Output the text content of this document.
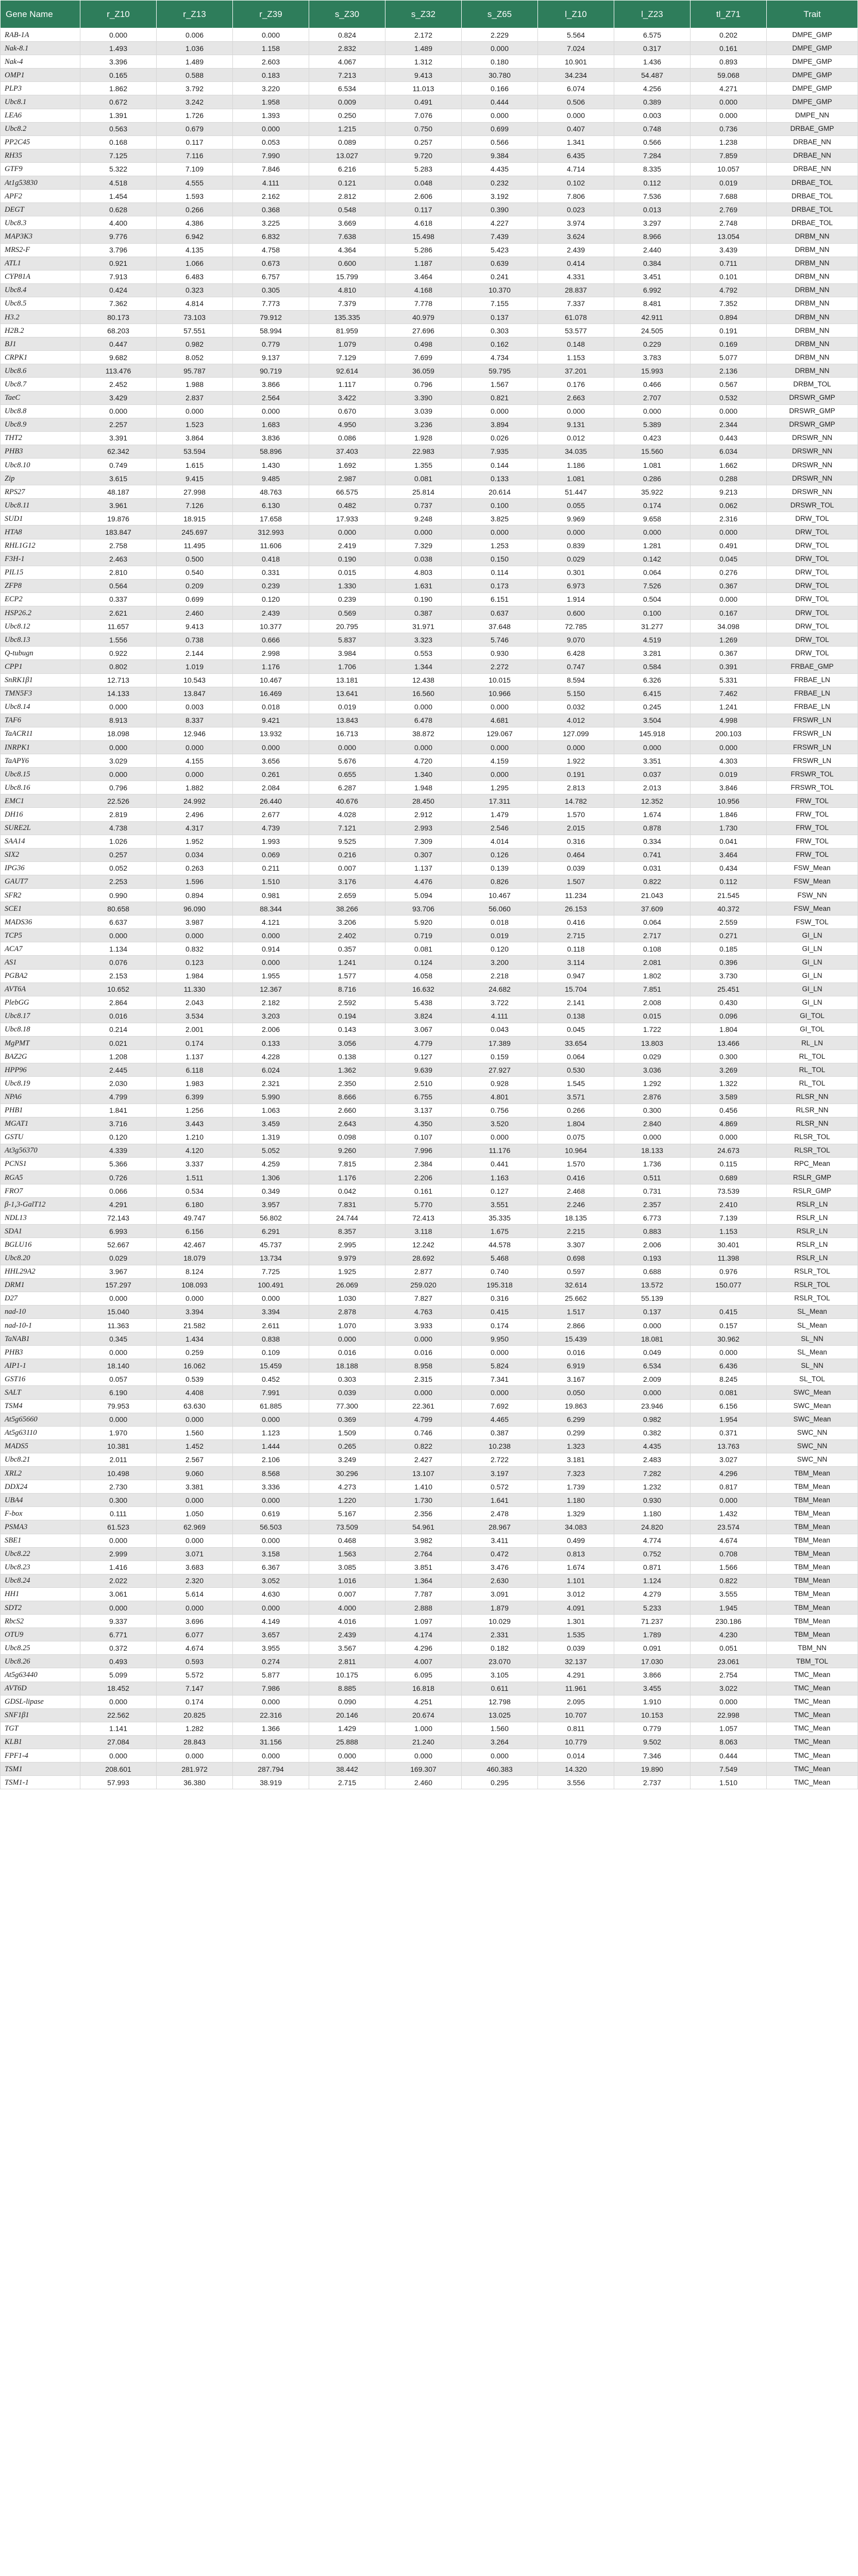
Gene Name	r_Z10	r_Z13	r_Z39	s_Z30	s_Z32	s_Z65	l_Z10	l_Z23	tl_Z71	Trait
RAB-1A	0.000	0.006	0.000	0.824	2.172	2.229	5.564	6.575	0.202	DMPE_GMP
Nak-8.1	1.493	1.036	1.158	2.832	1.489	0.000	7.024	0.317	0.161	DMPE_GMP
Nak-4	3.396	1.489	2.603	4.067	1.312	0.180	10.901	1.436	0.893	DMPE_GMP
OMP1	0.165	0.588	0.183	7.213	9.413	30.780	34.234	54.487	59.068	DMPE_GMP
PLP3	1.862	3.792	3.220	6.534	11.013	0.166	6.074	4.256	4.271	DMPE_GMP
Ubc8.1	0.672	3.242	1.958	0.009	0.491	0.444	0.506	0.389	0.000	DMPE_GMP
LEA6	1.391	1.726	1.393	0.250	7.076	0.000	0.000	0.003	0.000	DMPE_NN
Ubc8.2	0.563	0.679	0.000	1.215	0.750	0.699	0.407	0.748	0.736	DRBAE_GMP
PP2C45	0.168	0.117	0.053	0.089	0.257	0.566	1.341	0.566	1.238	DRBAE_NN
RH35	7.125	7.116	7.990	13.027	9.720	9.384	6.435	7.284	7.859	DRBAE_NN
GTF9	5.322	7.109	7.846	6.216	5.283	4.435	4.714	8.335	10.057	DRBAE_NN
At1g53830	4.518	4.555	4.111	0.121	0.048	0.232	0.102	0.112	0.019	DRBAE_TOL
APF2	1.454	1.593	2.162	2.812	2.606	3.192	7.806	7.536	7.688	DRBAE_TOL
DEGT	0.628	0.266	0.368	0.548	0.117	0.390	0.023	0.013	2.769	DRBAE_TOL
Ubc8.3	4.400	4.386	3.225	3.669	4.618	4.227	3.974	3.297	2.748	DRBAE_TOL
MAP3K3	9.776	6.942	6.832	7.638	15.498	7.439	3.624	8.966	13.054	DRBM_NN
MRS2-F	3.796	4.135	4.758	4.364	5.286	5.423	2.439	2.440	3.439	DRBM_NN
ATL1	0.921	1.066	0.673	0.600	1.187	0.639	0.414	0.384	0.711	DRBM_NN
CYP81A	7.913	6.483	6.757	15.799	3.464	0.241	4.331	3.451	0.101	DRBM_NN
Ubc8.4	0.424	0.323	0.305	4.810	4.168	10.370	28.837	6.992	4.792	DRBM_NN
Ubc8.5	7.362	4.814	7.773	7.379	7.778	7.155	7.337	8.481	7.352	DRBM_NN
H3.2	80.173	73.103	79.912	135.335	40.979	0.137	61.078	42.911	0.894	DRBM_NN
H2B.2	68.203	57.551	58.994	81.959	27.696	0.303	53.577	24.505	0.191	DRBM_NN
BJ1	0.447	0.982	0.779	1.079	0.498	0.162	0.148	0.229	0.169	DRBM_NN
CRPK1	9.682	8.052	9.137	7.129	7.699	4.734	1.153	3.783	5.077	DRBM_NN
Ubc8.6	113.476	95.787	90.719	92.614	36.059	59.795	37.201	15.993	2.136	DRBM_NN
Ubc8.7	2.452	1.988	3.866	1.117	0.796	1.567	0.176	0.466	0.567	DRBM_TOL
TaeC	3.429	2.837	2.564	3.422	3.390	0.821	2.663	2.707	0.532	DRSWR_GMP
Ubc8.8	0.000	0.000	0.000	0.670	3.039	0.000	0.000	0.000	0.000	DRSWR_GMP
Ubc8.9	2.257	1.523	1.683	4.950	3.236	3.894	9.131	5.389	2.344	DRSWR_GMP
THT2	3.391	3.864	3.836	0.086	1.928	0.026	0.012	0.423	0.443	DRSWR_NN
PHB3	62.342	53.594	58.896	37.403	22.983	7.935	34.035	15.560	6.034	DRSWR_NN
Ubc8.10	0.749	1.615	1.430	1.692	1.355	0.144	1.186	1.081	1.662	DRSWR_NN
Zip	3.615	9.415	9.485	2.987	0.081	0.133	1.081	0.286	0.288	DRSWR_NN
RPS27	48.187	27.998	48.763	66.575	25.814	20.614	51.447	35.922	9.213	DRSWR_NN
Ubc8.11	3.961	7.126	6.130	0.482	0.737	0.100	0.055	0.174	0.062	DRSWR_TOL
SUD1	19.876	18.915	17.658	17.933	9.248	3.825	9.969	9.658	2.316	DRW_TOL
HTA8	183.847	245.697	312.993	0.000	0.000	0.000	0.000	0.000	0.000	DRW_TOL
RHL1G12	2.758	11.495	11.606	2.419	7.329	1.253	0.839	1.281	0.491	DRW_TOL
F3H-1	2.463	0.500	0.418	0.190	0.038	0.150	0.029	0.142	0.045	DRW_TOL
PIL15	2.810	0.540	0.331	0.015	4.803	0.114	0.301	0.064	0.276	DRW_TOL
ZFP8	0.564	0.209	0.239	1.330	1.631	0.173	6.973	7.526	0.367	DRW_TOL
ECP2	0.337	0.699	0.120	0.239	0.190	6.151	1.914	0.504	0.000	DRW_TOL
HSP26.2	2.621	2.460	2.439	0.569	0.387	0.637	0.600	0.100	0.167	DRW_TOL
Ubc8.12	11.657	9.413	10.377	20.795	31.971	37.648	72.785	31.277	34.098	DRW_TOL
Ubc8.13	1.556	0.738	0.666	5.837	3.323	5.746	9.070	4.519	1.269	DRW_TOL
Q-tubugn	0.922	2.144	2.998	3.984	0.553	0.930	6.428	3.281	0.367	DRW_TOL
CPP1	0.802	1.019	1.176	1.706	1.344	2.272	0.747	0.584	0.391	FRBAE_GMP
SnRK1β1	12.713	10.543	10.467	13.181	12.438	10.015	8.594	6.326	5.331	FRBAE_LN
TMN5F3	14.133	13.847	16.469	13.641	16.560	10.966	5.150	6.415	7.462	FRBAE_LN
Ubc8.14	0.000	0.003	0.018	0.019	0.000	0.000	0.032	0.245	1.241	FRBAE_LN
TAF6	8.913	8.337	9.421	13.843	6.478	4.681	4.012	3.504	4.998	FRSWR_LN
TaACR11	18.098	12.946	13.932	16.713	38.872	129.067	127.099	145.918	200.103	FRSWR_LN
INRPK1	0.000	0.000	0.000	0.000	0.000	0.000	0.000	0.000	0.000	FRSWR_LN
TaAPY6	3.029	4.155	3.656	5.676	4.720	4.159	1.922	3.351	4.303	FRSWR_LN
Ubc8.15	0.000	0.000	0.261	0.655	1.340	0.000	0.191	0.037	0.019	FRSWR_TOL
Ubc8.16	0.796	1.882	2.084	6.287	1.948	1.295	2.813	2.013	3.846	FRSWR_TOL
EMC1	22.526	24.992	26.440	40.676	28.450	17.311	14.782	12.352	10.956	FRW_TOL
DH16	2.819	2.496	2.677	4.028	2.912	1.479	1.570	1.674	1.846	FRW_TOL
SURE2L	4.738	4.317	4.739	7.121	2.993	2.546	2.015	0.878	1.730	FRW_TOL
SAA14	1.026	1.952	1.993	9.525	7.309	4.014	0.316	0.334	0.041	FRW_TOL
SIX2	0.257	0.034	0.069	0.216	0.307	0.126	0.464	0.741	3.464	FRW_TOL
IPG36	0.052	0.263	0.211	0.007	1.137	0.139	0.039	0.031	0.434	FSW_Mean
GAUT7	2.253	1.596	1.510	3.176	4.476	0.826	1.507	0.822	0.112	FSW_Mean
SFR2	0.990	0.894	0.981	2.659	5.094	10.467	11.234	21.043	21.545	FSW_NN
SCE1	80.658	96.090	88.344	38.266	93.706	56.060	26.153	37.609	40.372	FSW_Mean
MADS36	6.637	3.987	4.121	3.206	5.920	0.018	0.416	0.064	2.559	FSW_TOL
TCP5	0.000	0.000	0.000	2.402	0.719	0.019	2.715	2.717	0.271	GI_LN
ACA7	1.134	0.832	0.914	0.357	0.081	0.120	0.118	0.108	0.185	GI_LN
AS1	0.076	0.123	0.000	1.241	0.124	3.200	3.114	2.081	0.396	GI_LN
PGBA2	2.153	1.984	1.955	1.577	4.058	2.218	0.947	1.802	3.730	GI_LN
AVT6A	10.652	11.330	12.367	8.716	16.632	24.682	15.704	7.851	25.451	GI_LN
PlebGG	2.864	2.043	2.182	2.592	5.438	3.722	2.141	2.008	0.430	GI_LN
Ubc8.17	0.016	3.534	3.203	0.194	3.824	4.111	0.138	0.015	0.096	GI_TOL
Ubc8.18	0.214	2.001	2.006	0.143	3.067	0.043	0.045	1.722	1.804	GI_TOL
MgPMT	0.021	0.174	0.133	3.056	4.779	17.389	33.654	13.803	13.466	RL_LN
BAZ2G	1.208	1.137	4.228	0.138	0.127	0.159	0.064	0.029	0.300	RL_TOL
HPP96	2.445	6.118	6.024	1.362	9.639	27.927	0.530	3.036	3.269	RL_TOL
Ubc8.19	2.030	1.983	2.321	2.350	2.510	0.928	1.545	1.292	1.322	RL_TOL
NPA6	4.799	6.399	5.990	8.666	6.755	4.801	3.571	2.876	3.589	RLSR_NN
PHB1	1.841	1.256	1.063	2.660	3.137	0.756	0.266	0.300	0.456	RLSR_NN
MGAT1	3.716	3.443	3.459	2.643	4.350	3.520	1.804	2.840	4.869	RLSR_NN
GSTU	0.120	1.210	1.319	0.098	0.107	0.000	0.075	0.000	0.000	RLSR_TOL
At3g56370	4.339	4.120	5.052	9.260	7.996	11.176	10.964	18.133	24.673	RLSR_TOL
PCNS1	5.366	3.337	4.259	7.815	2.384	0.441	1.570	1.736	0.115	RPC_Mean
RGA5	0.726	1.511	1.306	1.176	2.206	1.163	0.416	0.511	0.689	RSLR_GMP
FRO7	0.066	0.534	0.349	0.042	0.161	0.127	2.468	0.731	73.539	RSLR_GMP
β-1,3-GalT12	4.291	6.180	3.957	7.831	5.770	3.551	2.246	2.357	2.410	RSLR_LN
NDL13	72.143	49.747	56.802	24.744	72.413	35.335	18.135	6.773	7.139	RSLR_LN
SDA1	6.993	6.156	6.291	8.357	3.118	1.675	2.215	0.883	1.153	RSLR_LN
BGLU16	52.667	42.467	45.737	2.995	12.242	44.578	3.307	2.006	30.401	RSLR_LN
Ubc8.20	0.029	18.079	13.734	9.979	28.692	5.468	0.698	0.193	11.398	RSLR_LN
HHL29A2	3.967	8.124	7.725	1.925	2.877	0.740	0.597	0.688	0.976	RSLR_TOL
DRM1	157.297	108.093	100.491	26.069	259.020	195.318	32.614	13.572	150.077	RSLR_TOL
D27	0.000	0.000	0.000	1.030	7.827	0.316	25.662	55.139		RSLR_TOL
nad-10	15.040	3.394	3.394	2.878	4.763	0.415	1.517	0.137	0.415	SL_Mean
nad-10-1	11.363	21.582	2.611	1.070	3.933	0.174	2.866	0.000	0.157	SL_Mean
TaNAB1	0.345	1.434	0.838	0.000	0.000	9.950	15.439	18.081	30.962	SL_NN
PHB3	0.000	0.259	0.109	0.016	0.016	0.000	0.016	0.049	0.000	SL_Mean
AIP1-1	18.140	16.062	15.459	18.188	8.958	5.824	6.919	6.534	6.436	SL_NN
GST16	0.057	0.539	0.452	0.303	2.315	7.341	3.167	2.009	8.245	SL_TOL
SALT	6.190	4.408	7.991	0.039	0.000	0.000	0.050	0.000	0.081	SWC_Mean
TSM4	79.953	63.630	61.885	77.300	22.361	7.692	19.863	23.946	6.156	SWC_Mean
At5g65660	0.000	0.000	0.000	0.369	4.799	4.465	6.299	0.982	1.954	SWC_Mean
At5g63110	1.970	1.560	1.123	1.509	0.746	0.387	0.299	0.382	0.371	SWC_NN
MADS5	10.381	1.452	1.444	0.265	0.822	10.238	1.323	4.435	13.763	SWC_NN
Ubc8.21	2.011	2.567	2.106	3.249	2.427	2.722	3.181	2.483	3.027	SWC_NN
XRL2	10.498	9.060	8.568	30.296	13.107	3.197	7.323	7.282	4.296	TBM_Mean
DDX24	2.730	3.381	3.336	4.273	1.410	0.572	1.739	1.232	0.817	TBM_Mean
UBA4	0.300	0.000	0.000	1.220	1.730	1.641	1.180	0.930	0.000	TBM_Mean
F-box	0.111	1.050	0.619	5.167	2.356	2.478	1.329	1.180	1.432	TBM_Mean
PSMA3	61.523	62.969	56.503	73.509	54.961	28.967	34.083	24.820	23.574	TBM_Mean
SBE1	0.000	0.000	0.000	0.468	3.982	3.411	0.499	4.774	4.674	TBM_Mean
Ubc8.22	2.999	3.071	3.158	1.563	2.764	0.472	0.813	0.752	0.708	TBM_Mean
Ubc8.23	1.416	3.683	6.367	3.085	3.851	3.476	1.674	0.871	1.566	TBM_Mean
Ubc8.24	2.022	2.320	3.052	1.016	1.364	2.630	1.101	1.124	0.822	TBM_Mean
HH1	3.061	5.614	4.630	0.007	7.787	3.091	3.012	4.279	3.555	TBM_Mean
SDT2	0.000	0.000	0.000	4.000	2.888	1.879	4.091	5.233	1.945	TBM_Mean
RbcS2	9.337	3.696	4.149	4.016	1.097	10.029	1.301	71.237	230.186	TBM_Mean
OTU9	6.771	6.077	3.657	2.439	4.174	2.331	1.535	1.789	4.230	TBM_Mean
Ubc8.25	0.372	4.674	3.955	3.567	4.296	0.182	0.039	0.091	0.051	TBM_NN
Ubc8.26	0.493	0.593	0.274	2.811	4.007	23.070	32.137	17.030	23.061	TBM_TOL
At5g63440	5.099	5.572	5.877	10.175	6.095	3.105	4.291	3.866	2.754	TMC_Mean
AVT6D	18.452	7.147	7.986	8.885	16.818	0.611	11.961	3.455	3.022	TMC_Mean
GDSL-lipase	0.000	0.174	0.000	0.090	4.251	12.798	2.095	1.910	0.000	TMC_Mean
SNF1β1	22.562	20.825	22.316	20.146	20.674	13.025	10.707	10.153	22.998	TMC_Mean
TGT	1.141	1.282	1.366	1.429	1.000	1.560	0.811	0.779	1.057	TMC_Mean
KLB1	27.084	28.843	31.156	25.888	21.240	3.264	10.779	9.502	8.063	TMC_Mean
FPF1-4	0.000	0.000	0.000	0.000	0.000	0.000	0.014	7.346	0.444	TMC_Mean
TSM1	208.601	281.972	287.794	38.442	169.307	460.383	14.320	19.890	7.549	TMC_Mean
TSM1-1	57.993	36.380	38.919	2.715	2.460	0.295	3.556	2.737	1.510	TMC_Mean
